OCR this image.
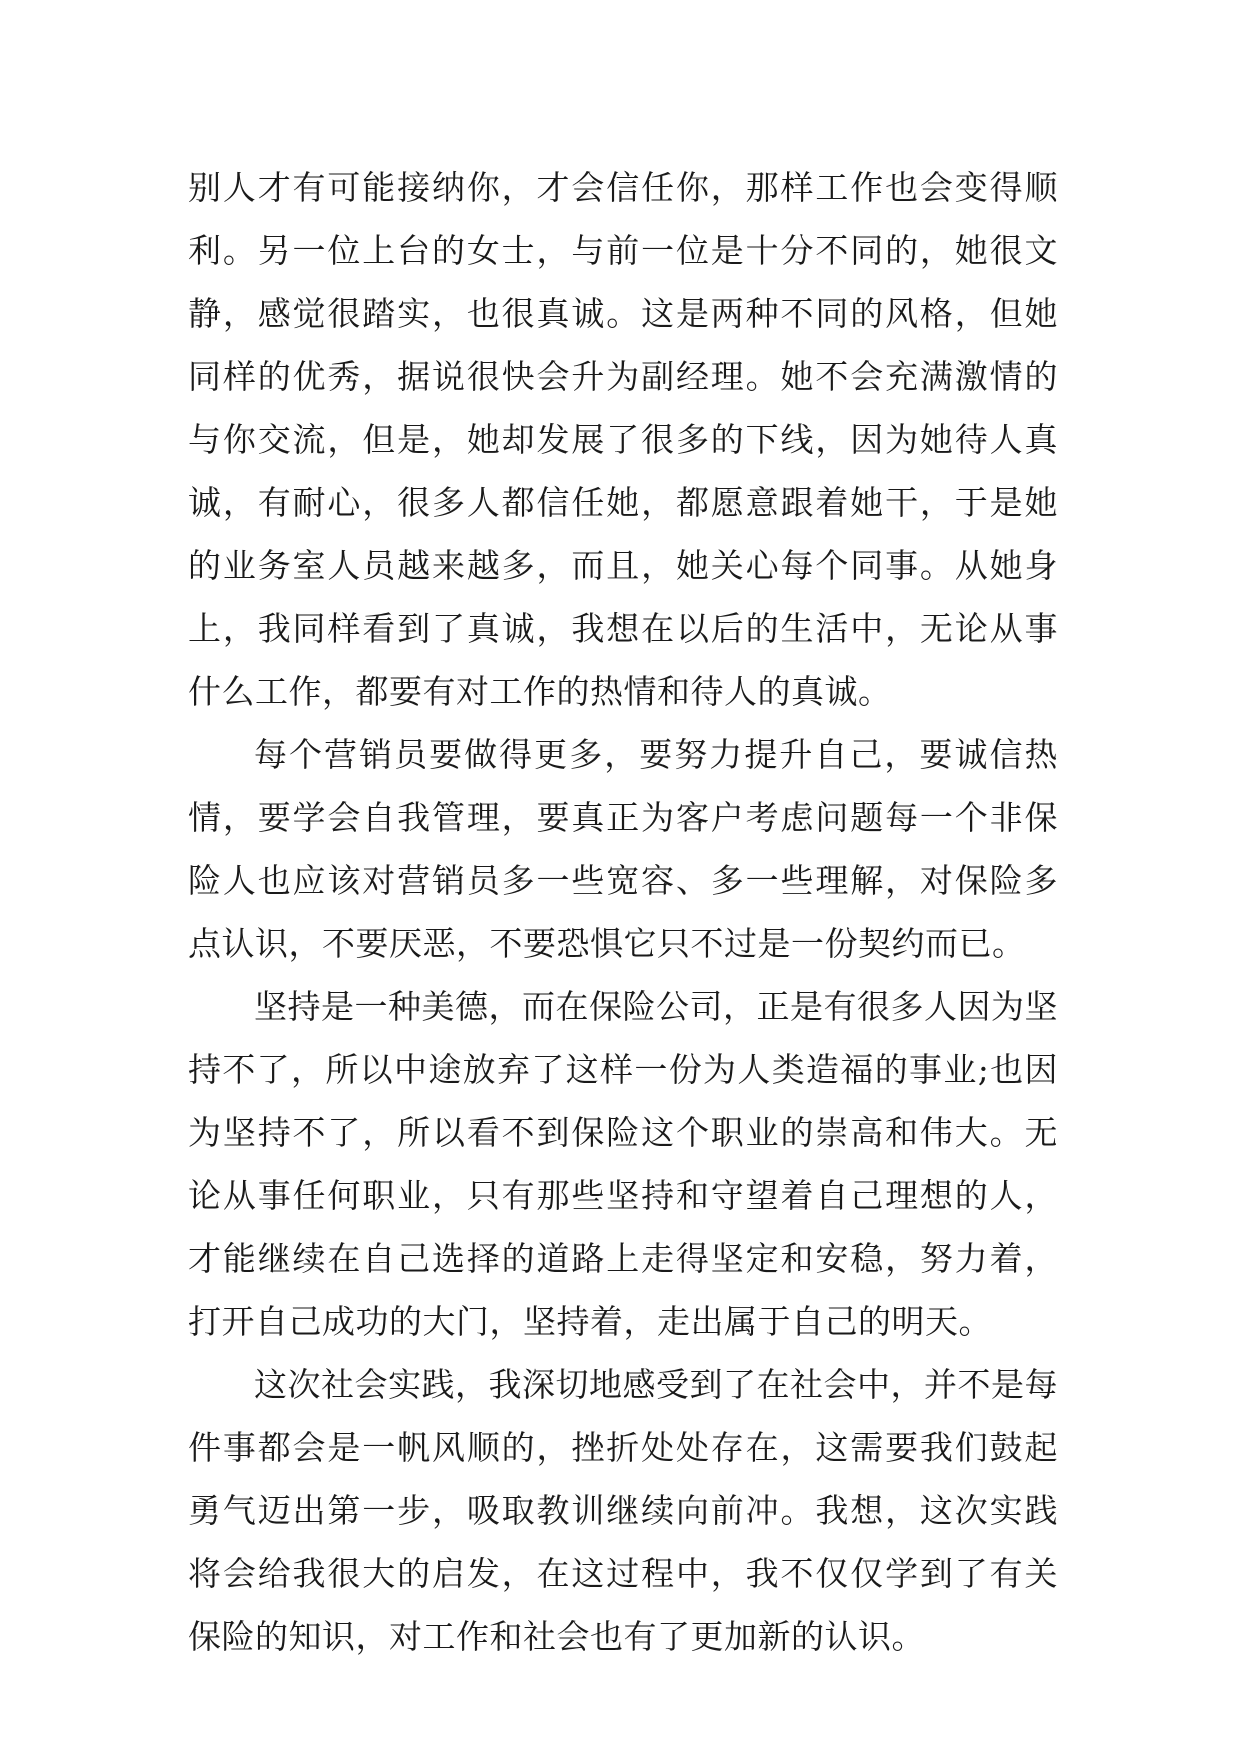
别人才有可能接纳你，才会信任你，那样工作也会变得顺利。另一位上台的女士，与前一位是十分不同的，她很文静，感觉很踏实，也很真诚。这是两种不同的风格，但她同样的优秀，据说很快会升为副经理。她不会充满激情的与你交流，但是，她却发展了很多的下线，因为她待人真诚，有耐心，很多人都信任她，都愿意跟着她干，于是她的业务室人员越来越多，而且，她关心每个同事。从她身上，我同样看到了真诚，我想在以后的生活中，无论从事什么工作，都要有对工作的热情和待人的真诚。

每个营销员要做得更多，要努力提升自己，要诚信热情，要学会自我管理，要真正为客户考虑问题每一个非保险人也应该对营销员多一些宽容、多一些理解，对保险多点认识，不要厌恶，不要恐惧它只不过是一份契约而已。

坚持是一种美德，而在保险公司，正是有很多人因为坚持不了，所以中途放弃了这样一份为人类造福的事业;也因为坚持不了，所以看不到保险这个职业的崇高和伟大。无论从事任何职业，只有那些坚持和守望着自己理想的人，才能继续在自己选择的道路上走得坚定和安稳，努力着，打开自己成功的大门，坚持着，走出属于自己的明天。

这次社会实践，我深切地感受到了在社会中，并不是每件事都会是一帆风顺的，挫折处处存在，这需要我们鼓起勇气迈出第一步，吸取教训继续向前冲。我想，这次实践将会给我很大的启发，在这过程中，我不仅仅学到了有关保险的知识，对工作和社会也有了更加新的认识。
